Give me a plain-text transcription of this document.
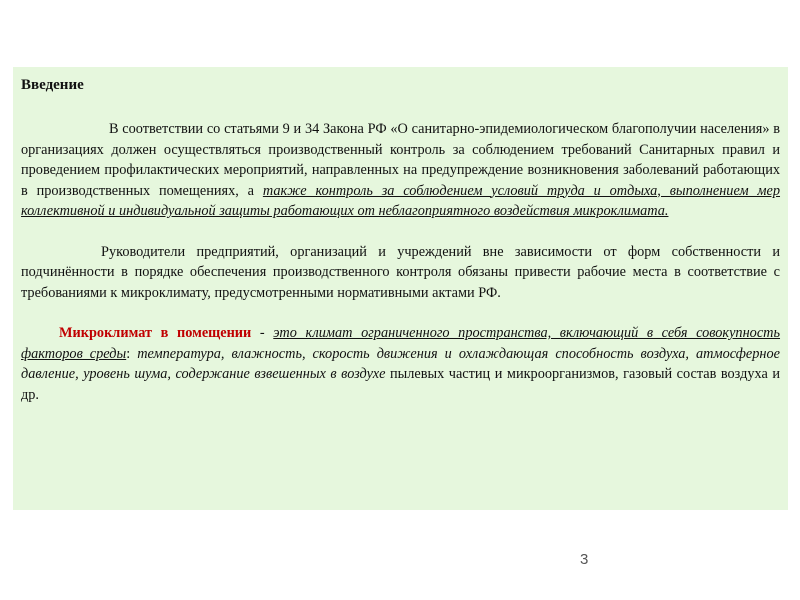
Введение

В соответствии со статьями 9 и 34 Закона РФ «О санитарно-эпидемиологическом благополучии населения» в организациях должен осуществляться производственный контроль за соблюдением требований Санитарных правил и проведением профилактических мероприятий, направленных на предупреждение возникновения заболеваний работающих в производственных помещениях, а также контроль за соблюдением условий труда и отдыха, выполнением мер коллективной и индивидуальной защиты работающих от неблагоприятного воздействия микроклимата.

Руководители предприятий, организаций и учреждений вне зависимости от форм собственности и подчинённости в порядке обеспечения производственного контроля обязаны привести рабочие места в соответствие с требованиями к микроклимату, предусмотренными нормативными актами РФ.

Микроклимат в помещении - это климат ограниченного пространства, включающий в себя совокупность факторов среды: температура, влажность, скорость движения и охлаждающая способность воздуха, атмосферное давление, уровень шума, содержание взвешенных в воздухе пылевых частиц и микроорганизмов, газовый состав воздуха и др.

3
